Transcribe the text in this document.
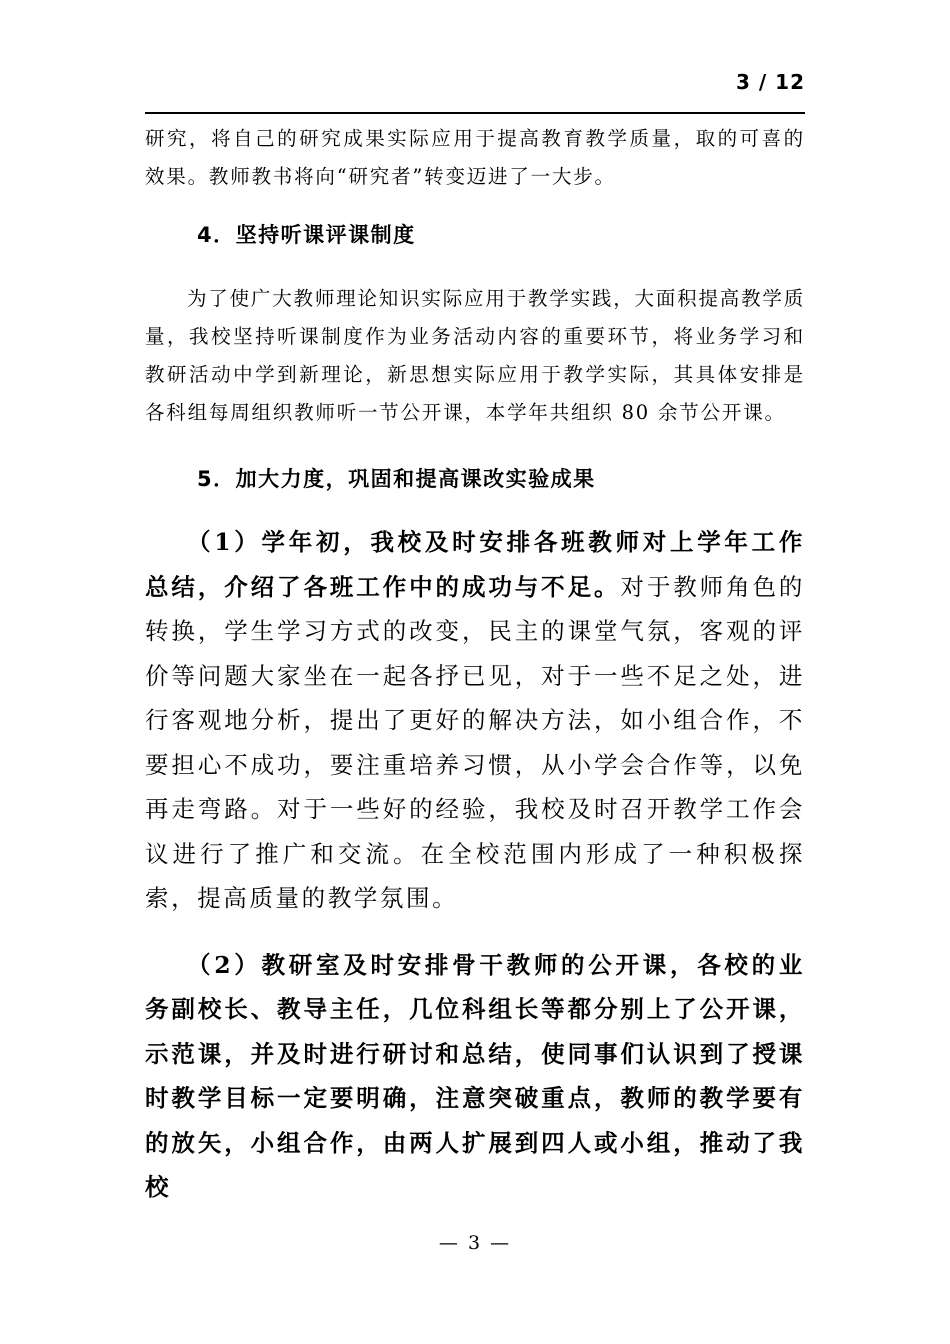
3 / 12

研究，将自己的研究成果实际应用于提高教育教学质量，取的可喜的效果。教师教书将向“研究者”转变迈进了一大步。

4．坚持听课评课制度

为了使广大教师理论知识实际应用于教学实践，大面积提高教学质量，我校坚持听课制度作为业务活动内容的重要环节，将业务学习和教研活动中学到新理论，新思想实际应用于教学实际，其具体安排是各科组每周组织教师听一节公开课，本学年共组织 80 余节公开课。

5．加大力度，巩固和提高课改实验成果

（1）学年初，我校及时安排各班教师对上学年工作总结，介绍了各班工作中的成功与不足。对于教师角色的转换，学生学习方式的改变，民主的课堂气氛，客观的评价等问题大家坐在一起各抒已见，对于一些不足之处，进行客观地分析，提出了更好的解决方法，如小组合作，不要担心不成功，要注重培养习惯，从小学会合作等，以免再走弯路。对于一些好的经验，我校及时召开教学工作会议进行了推广和交流。在全校范围内形成了一种积极探索，提高质量的教学氛围。

（2）教研室及时安排骨干教师的公开课，各校的业务副校长、教导主任，几位科组长等都分别上了公开课，示范课，并及时进行研讨和总结，使同事们认识到了授课时教学目标一定要明确，注意突破重点，教师的教学要有的放矢，小组合作，由两人扩展到四人或小组，推动了我校

— 3 —
